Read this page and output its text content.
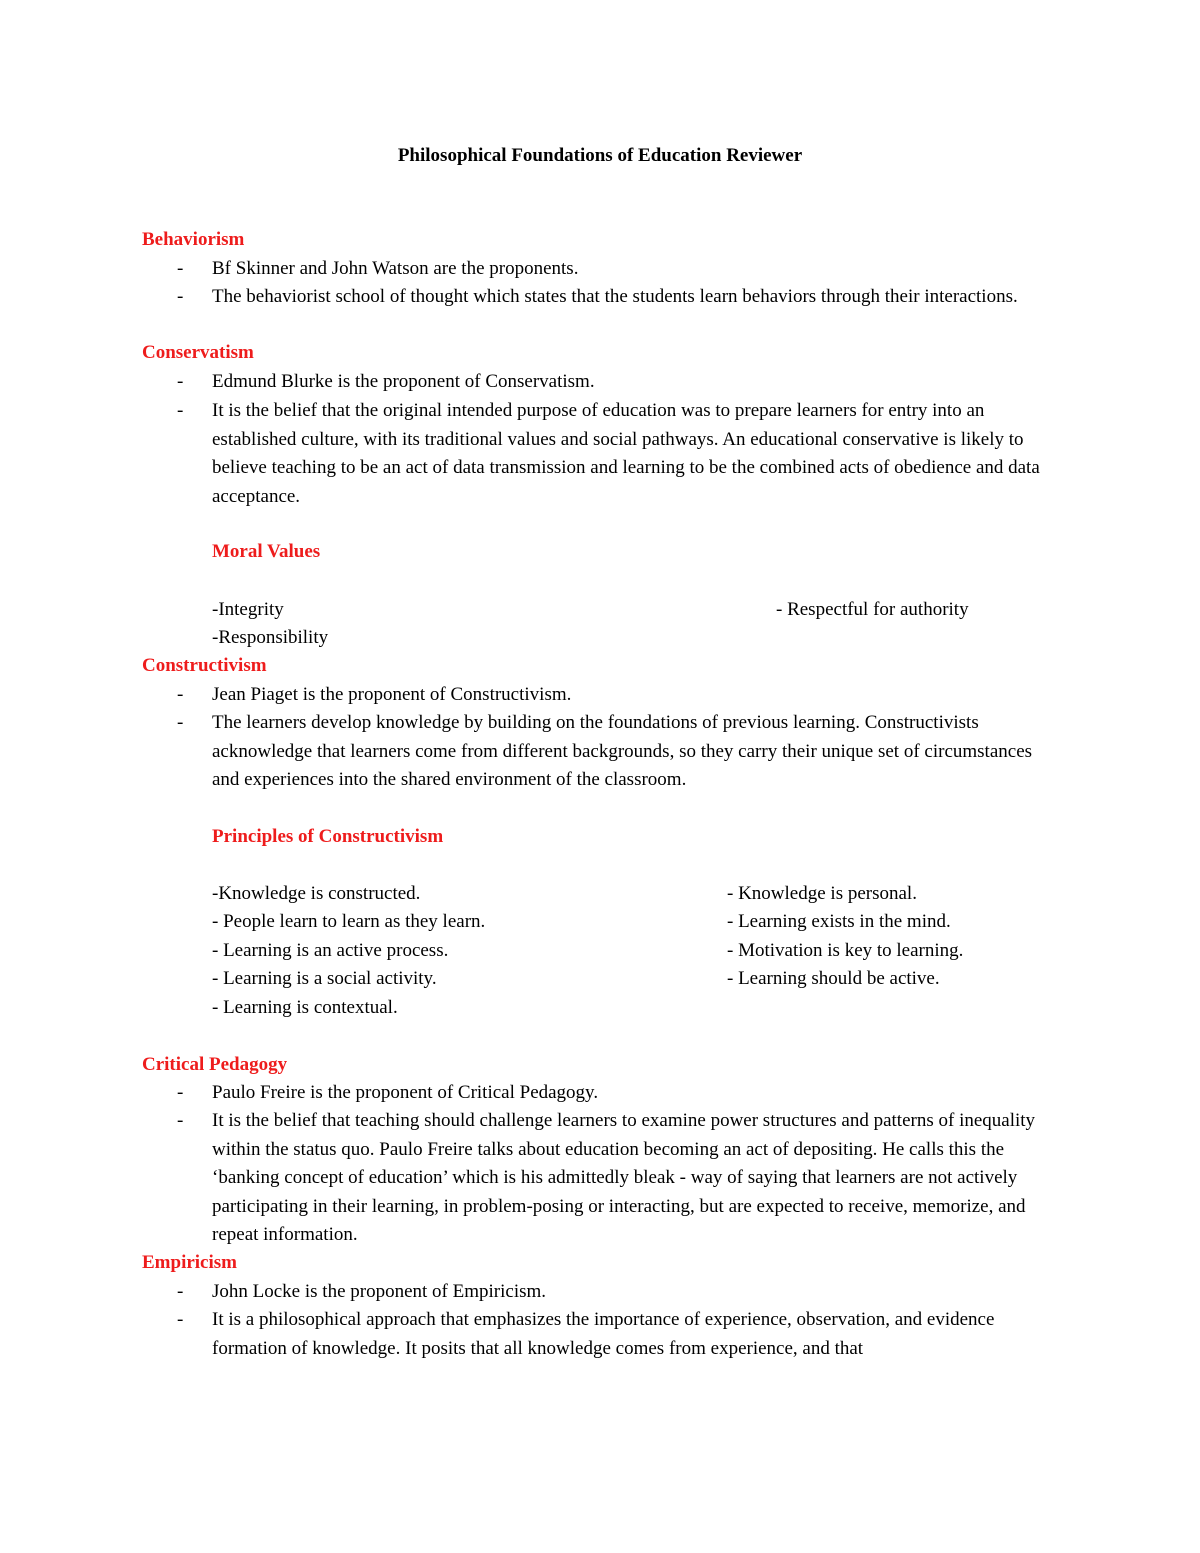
Philosophical Foundations of Education Reviewer
Behaviorism
- Bf Skinner and John Watson are the proponents.
- The behaviorist school of thought which states that the students learn behaviors through their interactions.
Conservatism
- Edmund Blurke is the proponent of Conservatism.
- It is the belief that the original intended purpose of education was to prepare learners for entry into an established culture, with its traditional values and social pathways. An educational conservative is likely to believe teaching to be an act of data transmission and learning to be the combined acts of obedience and data acceptance.
Moral Values
-Integrity
-Responsibility
- Respectful for authority
Constructivism
- Jean Piaget is the proponent of Constructivism.
- The learners develop knowledge by building on the foundations of previous learning. Constructivists acknowledge that learners come from different backgrounds, so they carry their unique set of circumstances and experiences into the shared environment of the classroom.
Principles of Constructivism
-Knowledge is constructed.
- People learn to learn as they learn.
- Learning is an active process.
- Learning is a social activity.
- Learning is contextual.
- Knowledge is personal.
- Learning exists in the mind.
- Motivation is key to learning.
- Learning should be active.
Critical Pedagogy
- Paulo Freire is the proponent of Critical Pedagogy.
- It is the belief that teaching should challenge learners to examine power structures and patterns of inequality within the status quo. Paulo Freire talks about education becoming an act of depositing. He calls this the ‘banking concept of education’ which is his admittedly bleak - way of saying that learners are not actively participating in their learning, in problem-posing or interacting, but are expected to receive, memorize, and repeat information.
Empiricism
- John Locke is the proponent of Empiricism.
- It is a philosophical approach that emphasizes the importance of experience, observation, and evidence formation of knowledge. It posits that all knowledge comes from experience, and that
